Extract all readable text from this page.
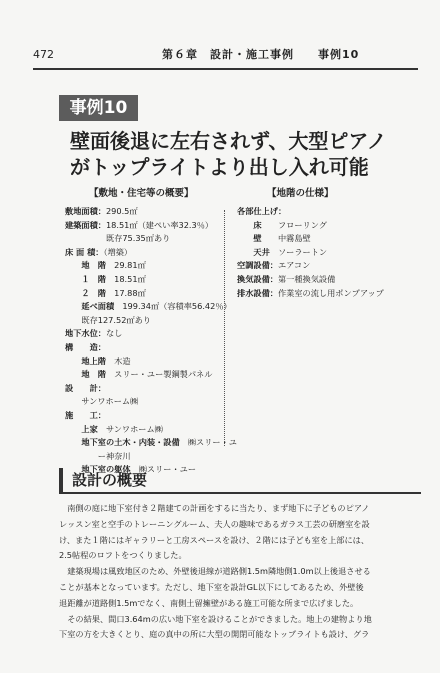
472	第６章　設計・施工事例　　事例10
事例10
壁面後退に左右されず、大型ピアノ
がトップライトより出し入れ可能
【敷地・住宅等の概要】	【地階の仕様】
敷地面積：290.5㎡
建築面積：18.51㎡（建ぺい率32.3％）
　　　　　既存75.35㎡あり
床 面 積：（増築）
　　地　階　29.81㎡
　　１　階　18.51㎡
　　２　階　17.88㎡
　　延べ面積　199.34㎡（容積率56.42％）
　　既存127.52㎡あり
地下水位：なし
構　　造：
　　地上階　木造
　　地　階　スリー・ユー製鋼製パネル
設　　計：
　　サンワホーム㈱
施　　工：
　　上家　サンワホーム㈱
　　地下室の土木・内装・設備　㈱スリー・ユ
　　　　ー神奈川
　　地下室の躯体　㈱スリー・ユー
各部仕上げ：
　　床　　フローリング
　　壁　　中霧島壁
　　天井　ソーラートン
空調設備：エアコン
換気設備：第一種換気設備
排水設備：作業室の流し用ポンプアップ
設計の概要
　南側の庭に地下室付き２階建ての計画をするに当たり、まず地下に子どものピアノ
レッスン室と空手のトレーニングルーム、夫人の趣味であるガラス工芸の研磨室を設
け、また１階にはギャラリーと工房スペースを設け、２階には子ども室を上部には、
2.5帖程のロフトをつくりました。
　建築現場は風致地区のため、外壁後退線が道路側1.5m隣地側1.0m以上後退させる
ことが基本となっています。ただし、地下室を設計GL以下にしてあるため、外壁後
退距離が道路側1.5mでなく、南側土留擁壁がある施工可能な所まで広げました。
　その結果、間口3.64mの広い地下室を設けることができました。地上の建物より地
下室の方を大きくとり、庭の真中の所に大型の開閉可能なトップライトも設け、グラ
